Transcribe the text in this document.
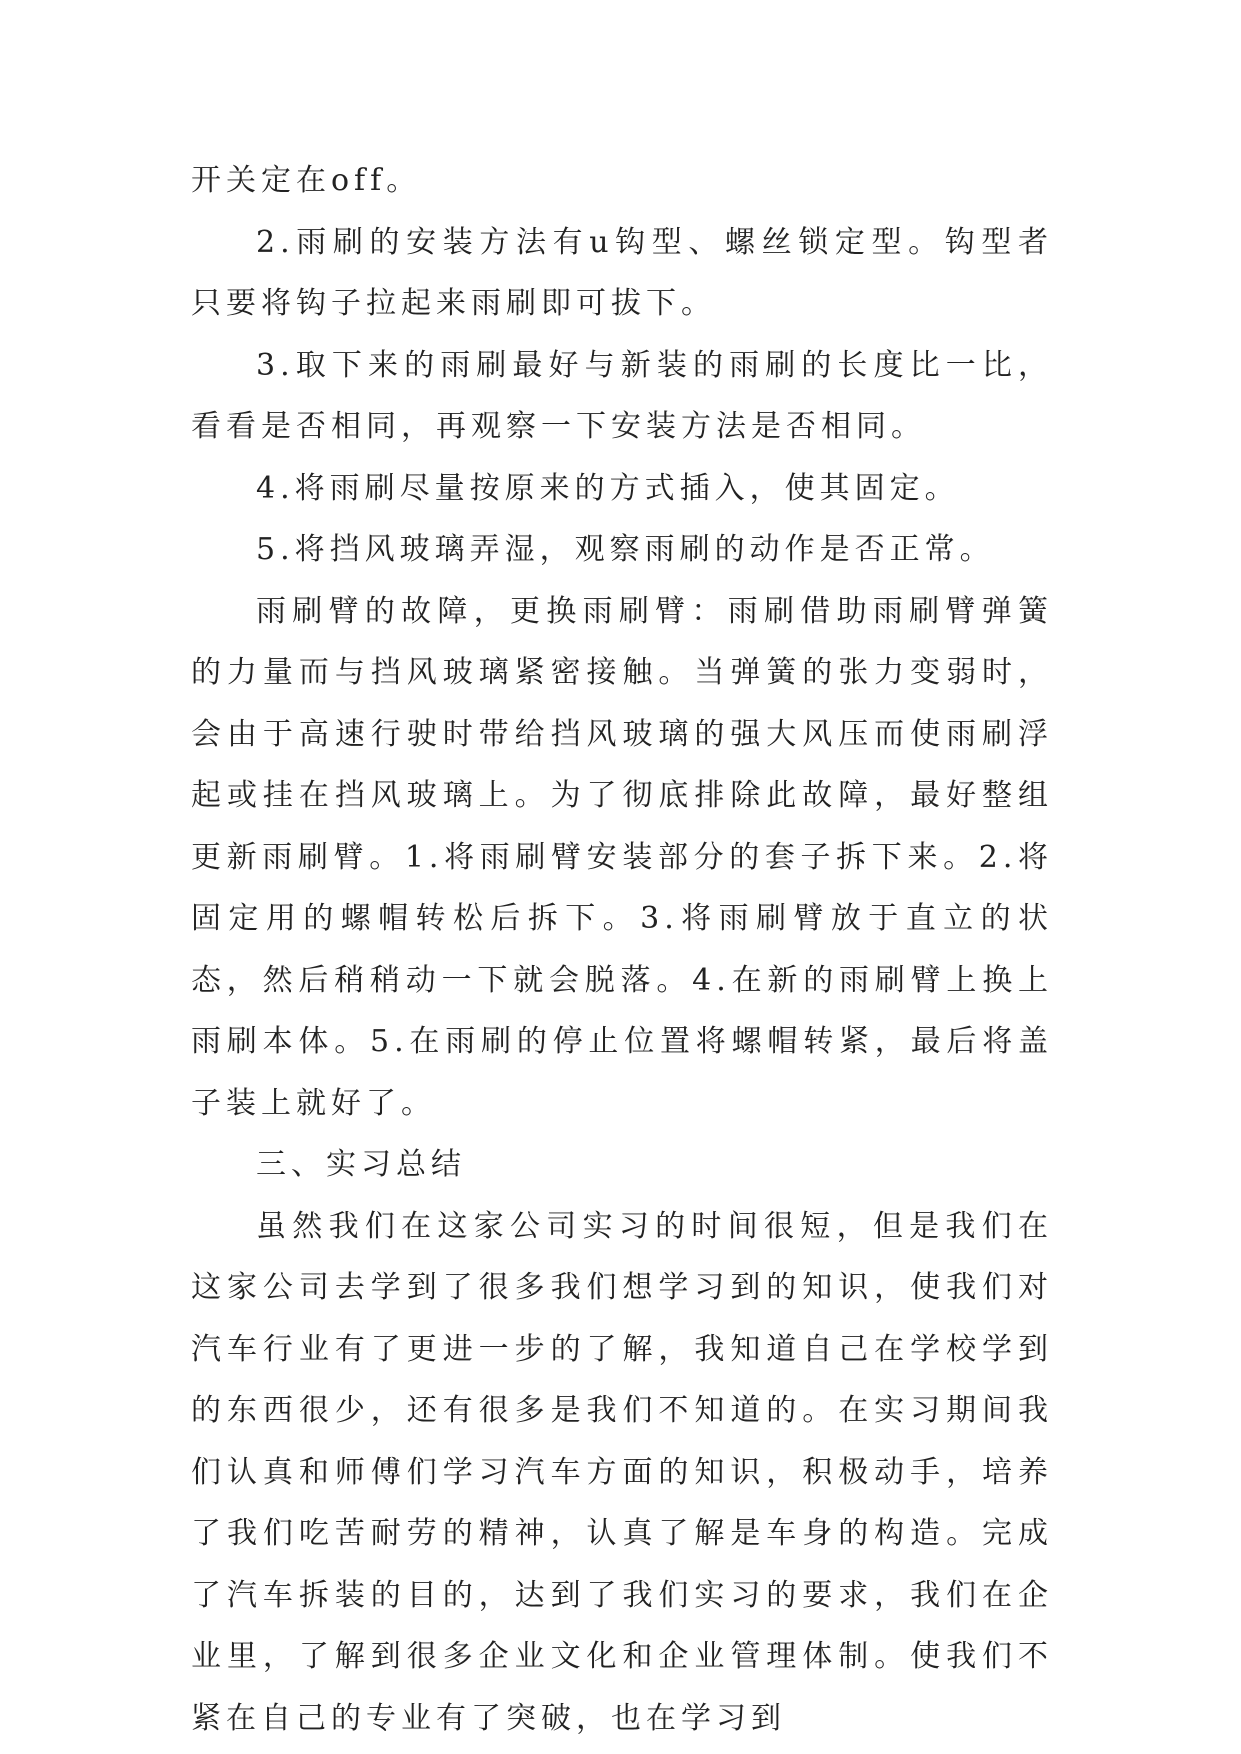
开关定在off。

2.雨刷的安装方法有u钩型、螺丝锁定型。钩型者只要将钩子拉起来雨刷即可拔下。

3.取下来的雨刷最好与新装的雨刷的长度比一比，看看是否相同，再观察一下安装方法是否相同。

4.将雨刷尽量按原来的方式插入，使其固定。

5.将挡风玻璃弄湿，观察雨刷的动作是否正常。

雨刷臂的故障，更换雨刷臂：雨刷借助雨刷臂弹簧的力量而与挡风玻璃紧密接触。当弹簧的张力变弱时，会由于高速行驶时带给挡风玻璃的强大风压而使雨刷浮起或挂在挡风玻璃上。为了彻底排除此故障，最好整组更新雨刷臂。1.将雨刷臂安装部分的套子拆下来。2.将固定用的螺帽转松后拆下。3.将雨刷臂放于直立的状态，然后稍稍动一下就会脱落。4.在新的雨刷臂上换上雨刷本体。5.在雨刷的停止位置将螺帽转紧，最后将盖子装上就好了。

三、实习总结

虽然我们在这家公司实习的时间很短，但是我们在这家公司去学到了很多我们想学习到的知识，使我们对汽车行业有了更进一步的了解，我知道自己在学校学到的东西很少，还有很多是我们不知道的。在实习期间我们认真和师傅们学习汽车方面的知识，积极动手，培养了我们吃苦耐劳的精神，认真了解是车身的构造。完成了汽车拆装的目的，达到了我们实习的要求，我们在企业里，了解到很多企业文化和企业管理体制。使我们不紧在自己的专业有了突破，也在学习到
